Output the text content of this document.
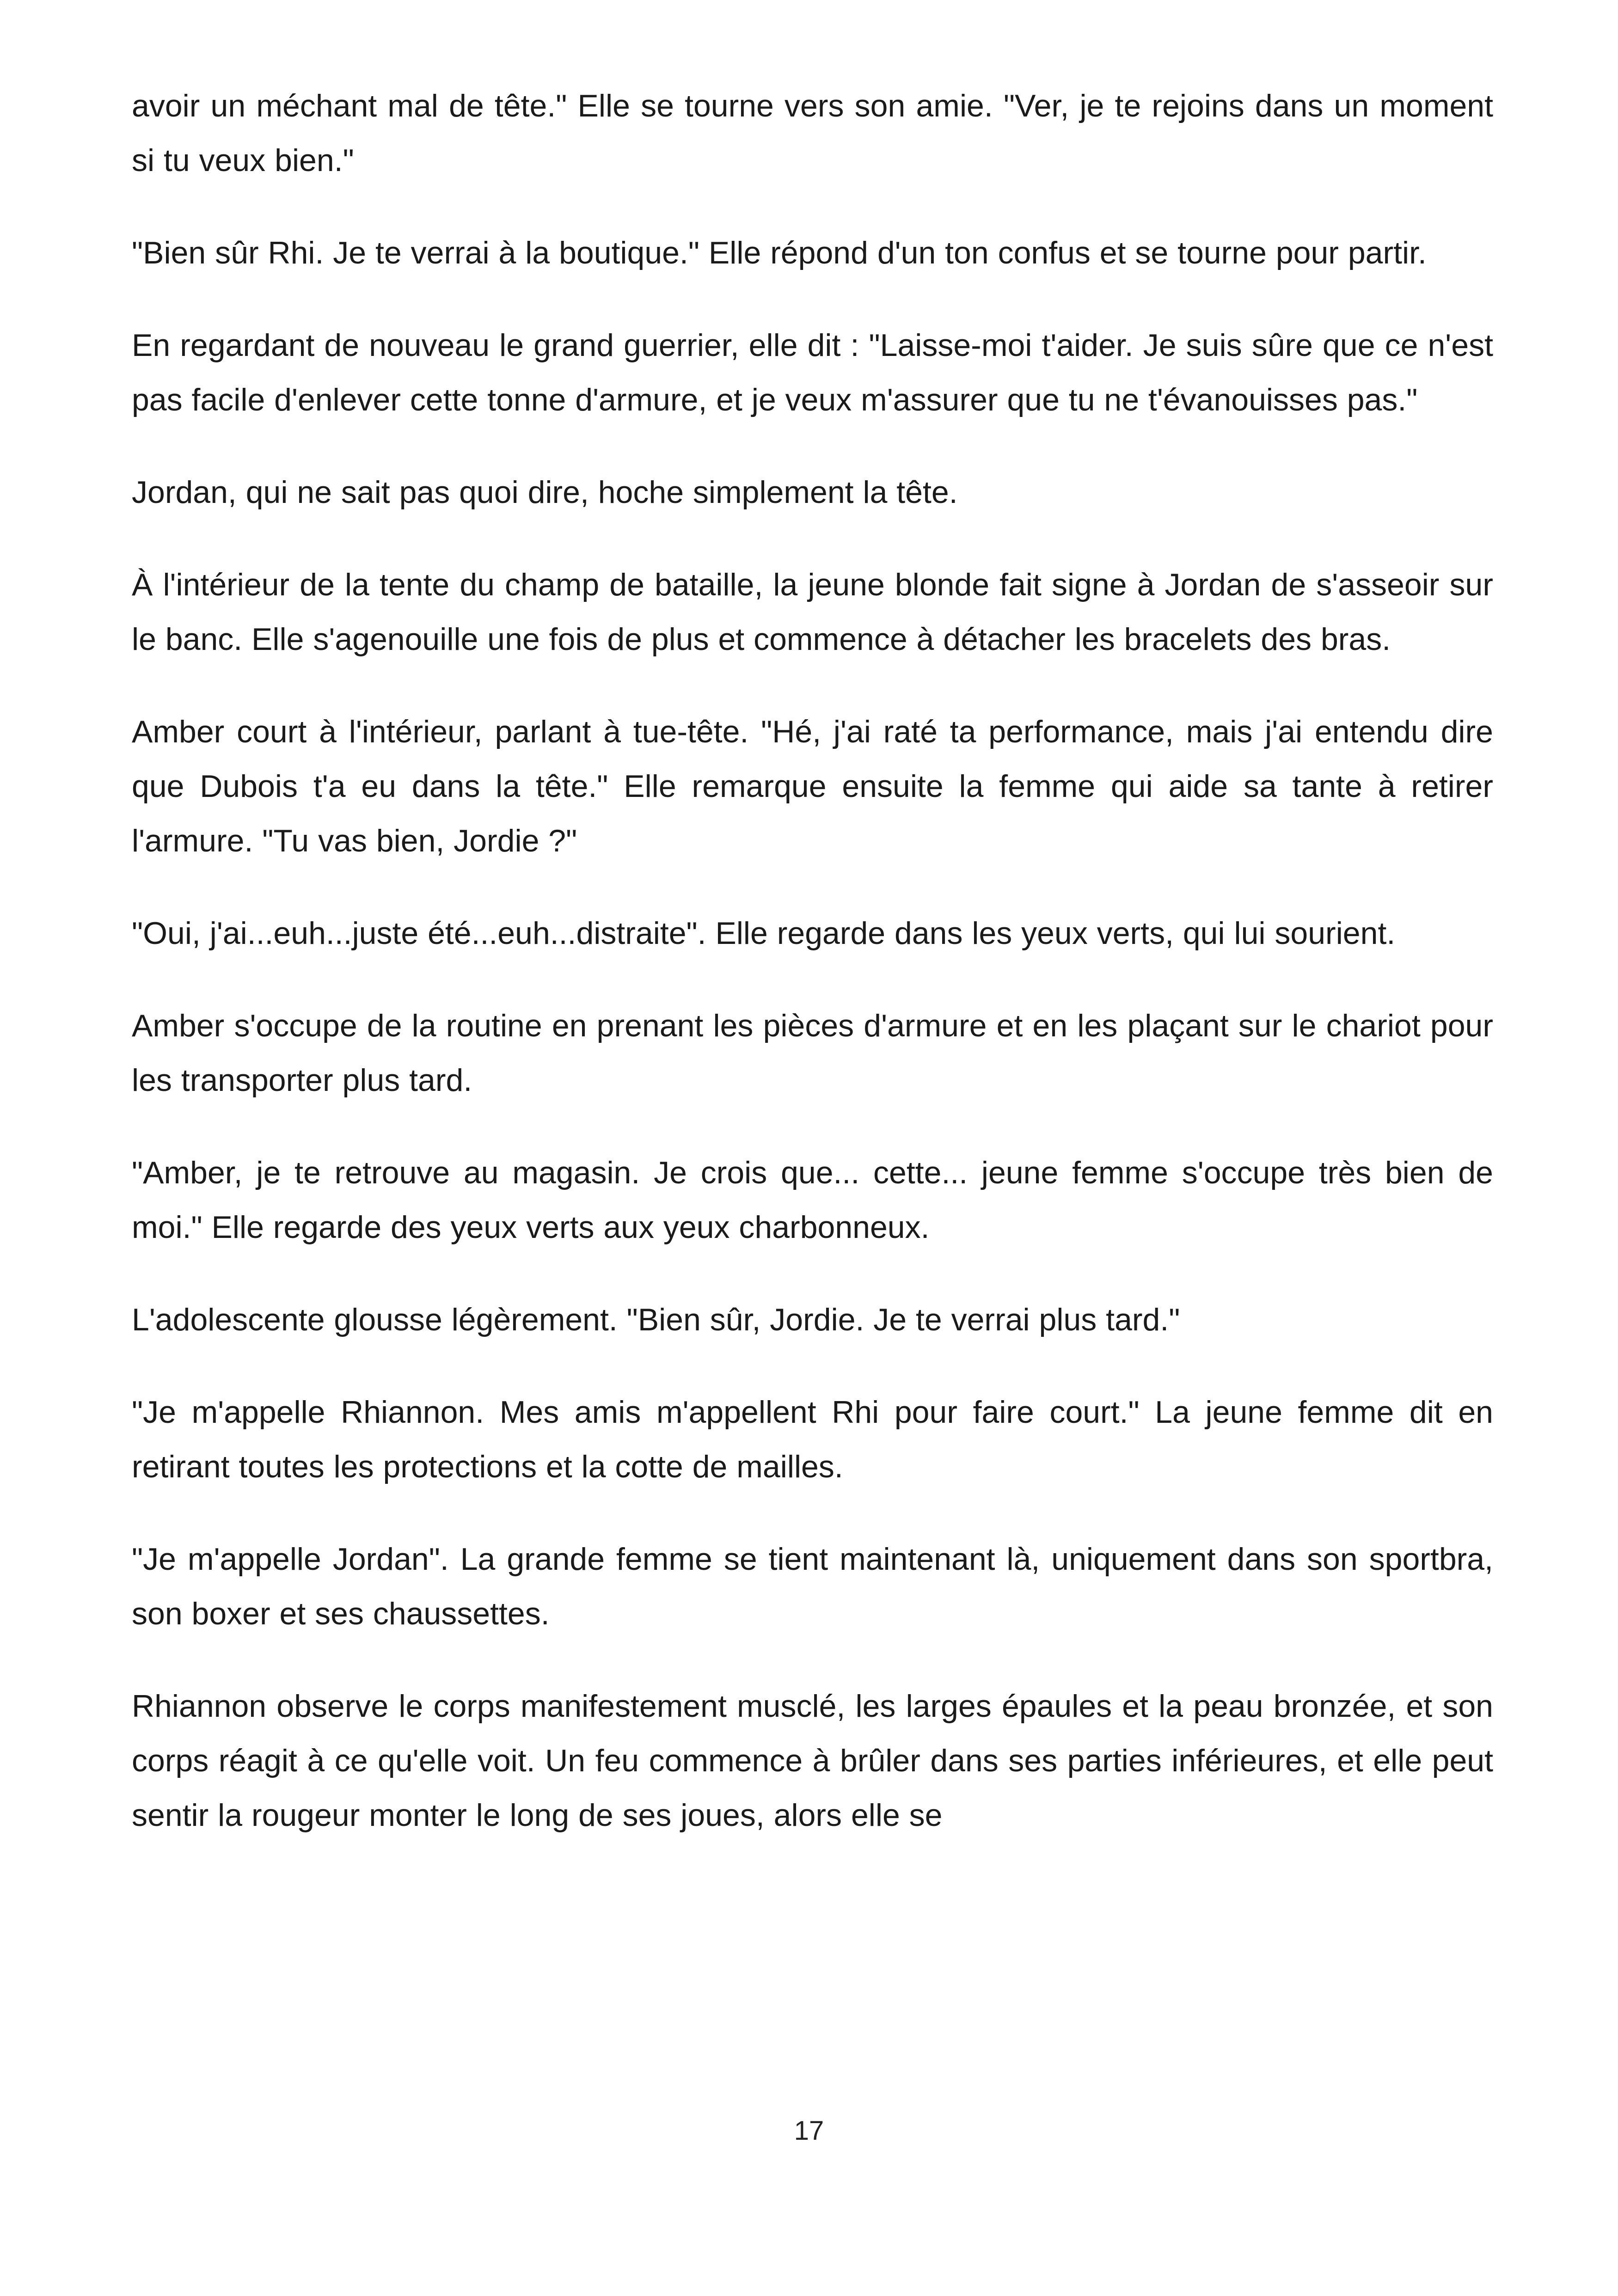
avoir un méchant mal de tête." Elle se tourne vers son amie. "Ver, je te rejoins dans un moment si tu veux bien."

"Bien sûr Rhi. Je te verrai à la boutique." Elle répond d'un ton confus et se tourne pour partir.

En regardant de nouveau le grand guerrier, elle dit : "Laisse-moi t'aider. Je suis sûre que ce n'est pas facile d'enlever cette tonne d'armure, et je veux m'assurer que tu ne t'évanouisses pas."

Jordan, qui ne sait pas quoi dire, hoche simplement la tête.

À l'intérieur de la tente du champ de bataille, la jeune blonde fait signe à Jordan de s'asseoir sur le banc. Elle s'agenouille une fois de plus et commence à détacher les bracelets des bras.

Amber court à l'intérieur, parlant à tue-tête. "Hé, j'ai raté ta performance, mais j'ai entendu dire que Dubois t'a eu dans la tête." Elle remarque ensuite la femme qui aide sa tante à retirer l'armure. "Tu vas bien, Jordie ?"

"Oui, j'ai...euh...juste été...euh...distraite". Elle regarde dans les yeux verts, qui lui sourient.

Amber s'occupe de la routine en prenant les pièces d'armure et en les plaçant sur le chariot pour les transporter plus tard.

"Amber, je te retrouve au magasin. Je crois que... cette... jeune femme s'occupe très bien de moi." Elle regarde des yeux verts aux yeux charbonneux.

L'adolescente glousse légèrement. "Bien sûr, Jordie. Je te verrai plus tard."

"Je m'appelle Rhiannon. Mes amis m'appellent Rhi pour faire court." La jeune femme dit en retirant toutes les protections et la cotte de mailles.

"Je m'appelle Jordan". La grande femme se tient maintenant là, uniquement dans son sportbra, son boxer et ses chaussettes.

Rhiannon observe le corps manifestement musclé, les larges épaules et la peau bronzée, et son corps réagit à ce qu'elle voit. Un feu commence à brûler dans ses parties inférieures, et elle peut sentir la rougeur monter le long de ses joues, alors elle se

17
